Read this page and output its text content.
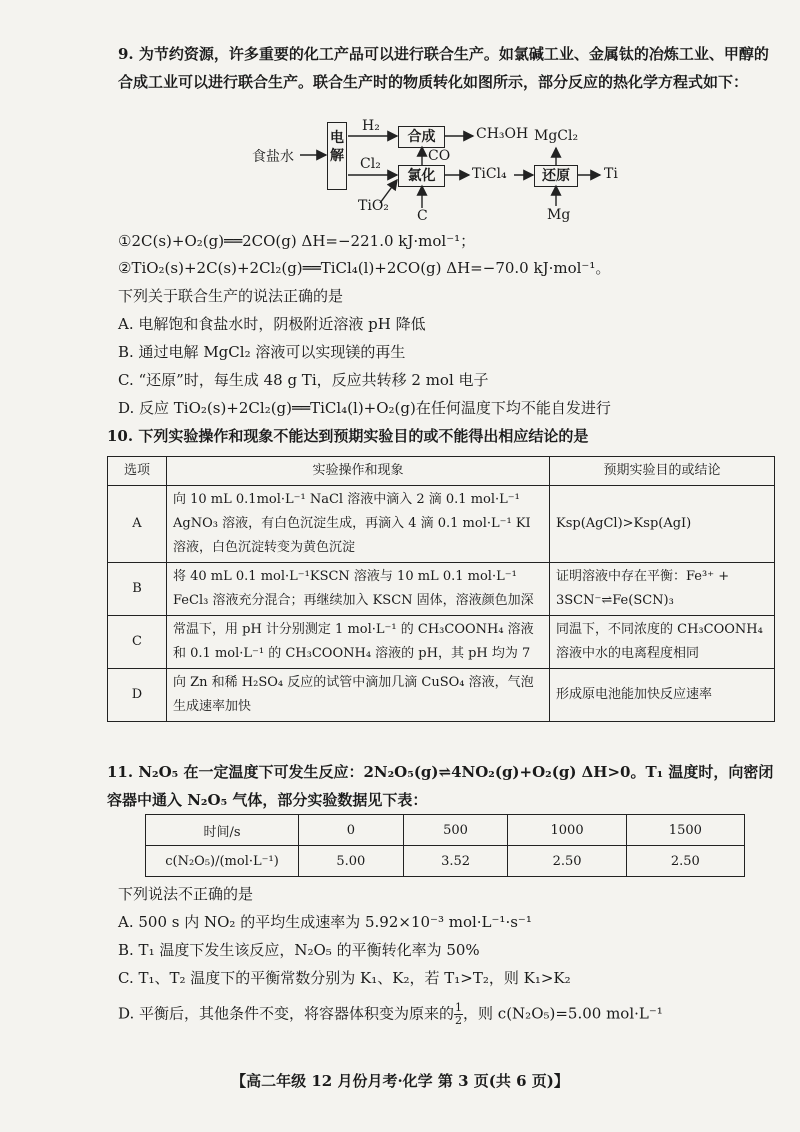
9. 为节约资源，许多重要的化工产品可以进行联合生产。如氯碱工业、金属钛的冶炼工业、甲醇的合成工业可以进行联合生产。联合生产时的物质转化如图所示，部分反应的热化学方程式如下：
食盐水
电解
H₂
Cl₂
合成
CO
CH₃OH
氯化	TiCl₄	还原	Ti
MgCl₂
Mg
TiO₂
C
①2C(s)+O₂(g)══2CO(g) ΔH=−221.0 kJ·mol⁻¹；
②TiO₂(s)+2C(s)+2Cl₂(g)══TiCl₄(l)+2CO(g) ΔH=−70.0 kJ·mol⁻¹。
下列关于联合生产的说法正确的是
A. 电解饱和食盐水时，阴极附近溶液 pH 降低
B. 通过电解 MgCl₂ 溶液可以实现镁的再生
C. “还原”时，每生成 48 g Ti，反应共转移 2 mol 电子
D. 反应 TiO₂(s)+2Cl₂(g)══TiCl₄(l)+O₂(g)在任何温度下均不能自发进行
10. 下列实验操作和现象不能达到预期实验目的或不能得出相应结论的是
选项	实验操作和现象	预期实验目的或结论
A	向 10 mL 0.1mol·L⁻¹ NaCl 溶液中滴入 2 滴 0.1 mol·L⁻¹ AgNO₃ 溶液，有白色沉淀生成，再滴入 4 滴 0.1 mol·L⁻¹ KI 溶液，白色沉淀转变为黄色沉淀	Ksp(AgCl)>Ksp(AgI)
B	将 40 mL 0.1 mol·L⁻¹KSCN 溶液与 10 mL 0.1 mol·L⁻¹ FeCl₃ 溶液充分混合；再继续加入 KSCN 固体，溶液颜色加深	证明溶液中存在平衡：Fe³⁺ + 3SCN⁻⇌Fe(SCN)₃
C	常温下，用 pH 计分别测定 1 mol·L⁻¹ 的 CH₃COONH₄ 溶液和 0.1 mol·L⁻¹ 的 CH₃COONH₄ 溶液的 pH，其 pH 均为 7	同温下，不同浓度的 CH₃COONH₄ 溶液中水的电离程度相同
D	向 Zn 和稀 H₂SO₄ 反应的试管中滴加几滴 CuSO₄ 溶液，气泡生成速率加快	形成原电池能加快反应速率
11. N₂O₅ 在一定温度下可发生反应：2N₂O₅(g)⇌4NO₂(g)+O₂(g) ΔH>0。T₁ 温度时，向密闭容器中通入 N₂O₅ 气体，部分实验数据见下表：
时间/s	0	500	1000	1500
c(N₂O₅)/(mol·L⁻¹)	5.00	3.52	2.50	2.50
下列说法不正确的是
A. 500 s 内 NO₂ 的平均生成速率为 5.92×10⁻³ mol·L⁻¹·s⁻¹
B. T₁ 温度下发生该反应，N₂O₅ 的平衡转化率为 50%
C. T₁、T₂ 温度下的平衡常数分别为 K₁、K₂，若 T₁>T₂，则 K₁>K₂
D. 平衡后，其他条件不变，将容器体积变为原来的 $\frac{1}{2}$ ，则 c(N₂O₅)=5.00 mol·L⁻¹
【高二年级 12 月份月考·化学 第 3 页(共 6 页)】
